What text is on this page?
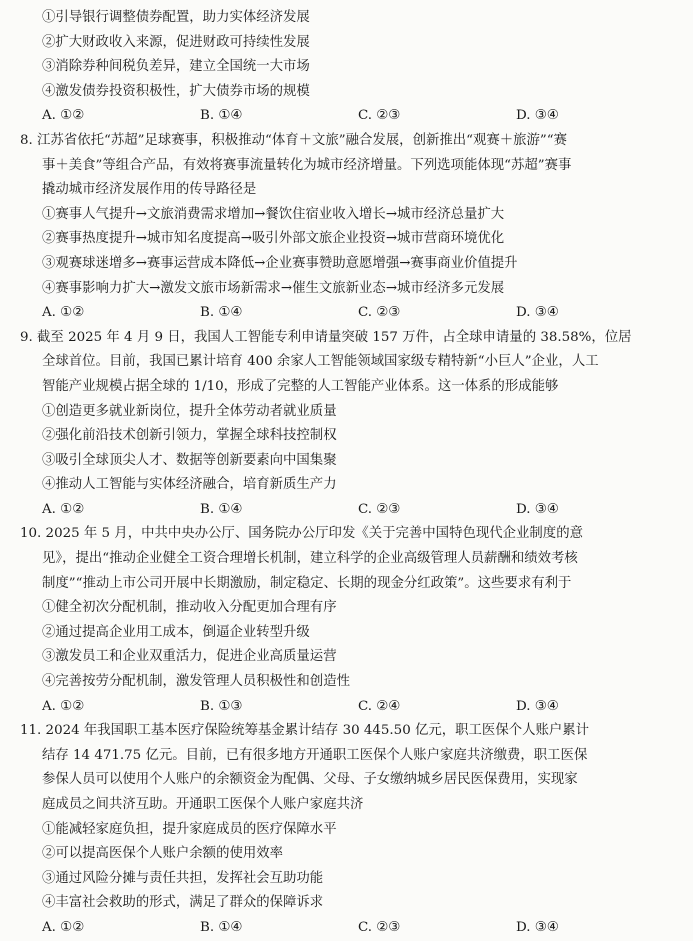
①引导银行调整债券配置，助力实体经济发展
②扩大财政收入来源，促进财政可持续性发展
③消除券种间税负差异，建立全国统一大市场
④激发债券投资积极性，扩大债券市场的规模
A. ①②	B. ①④	C. ②③	D. ③④
8. 江苏省依托“苏超”足球赛事，积极推动“体育＋文旅”融合发展，创新推出“观赛＋旅游”“赛
事＋美食”等组合产品，有效将赛事流量转化为城市经济增量。下列选项能体现“苏超”赛事
撬动城市经济发展作用的传导路径是
①赛事人气提升→文旅消费需求增加→餐饮住宿业收入增长→城市经济总量扩大
②赛事热度提升→城市知名度提高→吸引外部文旅企业投资→城市营商环境优化
③观赛球迷增多→赛事运营成本降低→企业赛事赞助意愿增强→赛事商业价值提升
④赛事影响力扩大→激发文旅市场新需求→催生文旅新业态→城市经济多元发展
A. ①②	B. ①④	C. ②③	D. ③④
9. 截至 2025 年 4 月 9 日，我国人工智能专利申请量突破 157 万件，占全球申请量的 38.58%，位居
全球首位。目前，我国已累计培育 400 余家人工智能领域国家级专精特新“小巨人”企业，人工
智能产业规模占据全球的 1/10，形成了完整的人工智能产业体系。这一体系的形成能够
①创造更多就业新岗位，提升全体劳动者就业质量
②强化前沿技术创新引领力，掌握全球科技控制权
③吸引全球顶尖人才、数据等创新要素向中国集聚
④推动人工智能与实体经济融合，培育新质生产力
A. ①②	B. ①④	C. ②③	D. ③④
10. 2025 年 5 月，中共中央办公厅、国务院办公厅印发《关于完善中国特色现代企业制度的意
见》，提出“推动企业健全工资合理增长机制，建立科学的企业高级管理人员薪酬和绩效考核
制度”“推动上市公司开展中长期激励，制定稳定、长期的现金分红政策”。这些要求有利于
①健全初次分配机制，推动收入分配更加合理有序
②通过提高企业用工成本，倒逼企业转型升级
③激发员工和企业双重活力，促进企业高质量运营
④完善按劳分配机制，激发管理人员积极性和创造性
A. ①②	B. ①③	C. ②④	D. ③④
11. 2024 年我国职工基本医疗保险统筹基金累计结存 30 445.50 亿元，职工医保个人账户累计
结存 14 471.75 亿元。目前，已有很多地方开通职工医保个人账户家庭共济缴费，职工医保
参保人员可以使用个人账户的余额资金为配偶、父母、子女缴纳城乡居民医保费用，实现家
庭成员之间共济互助。开通职工医保个人账户家庭共济
①能减轻家庭负担，提升家庭成员的医疗保障水平
②可以提高医保个人账户余额的使用效率
③通过风险分摊与责任共担，发挥社会互助功能
④丰富社会救助的形式，满足了群众的保障诉求
A. ①②	B. ①④	C. ②③	D. ③④
